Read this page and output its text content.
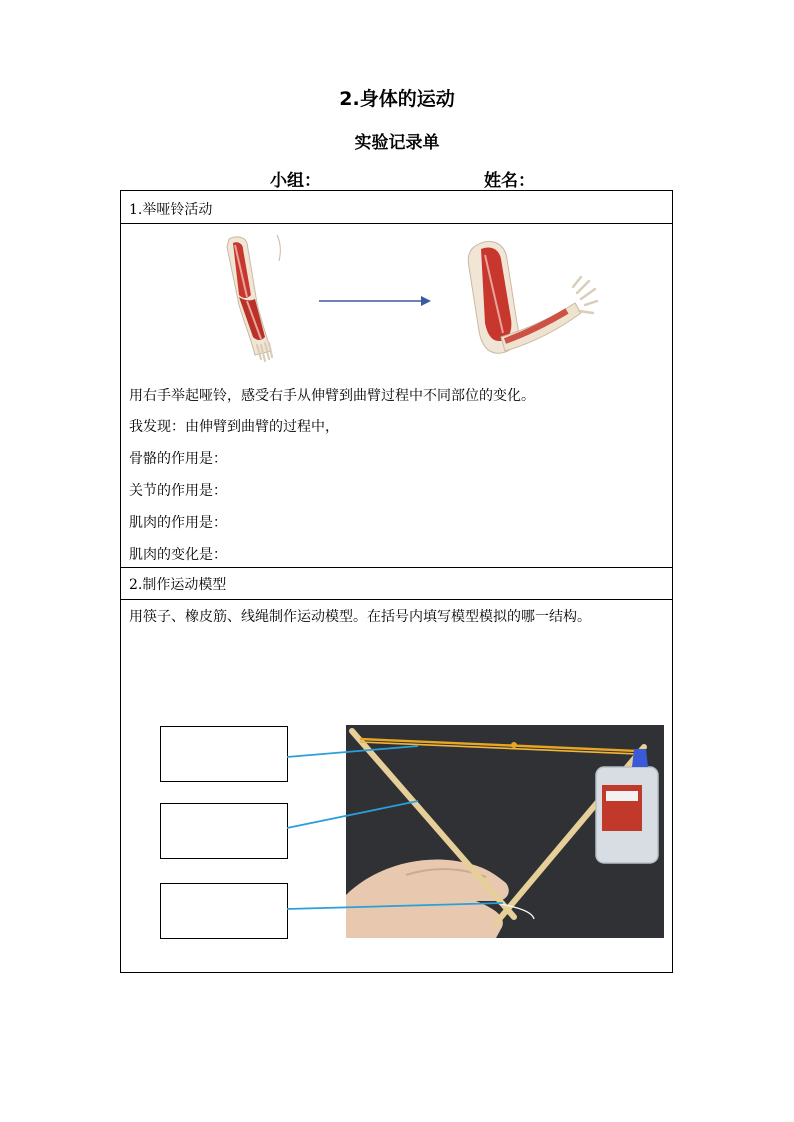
2.身体的运动
实验记录单
小组：	姓名：
1.举哑铃活动
用右手举起哑铃，感受右手从伸臂到曲臂过程中不同部位的变化。
我发现：由伸臂到曲臂的过程中，
骨骼的作用是：
关节的作用是：
肌肉的作用是：
肌肉的变化是：
2.制作运动模型
用筷子、橡皮筋、线绳制作运动模型。在括号内填写模型模拟的哪一结构。
